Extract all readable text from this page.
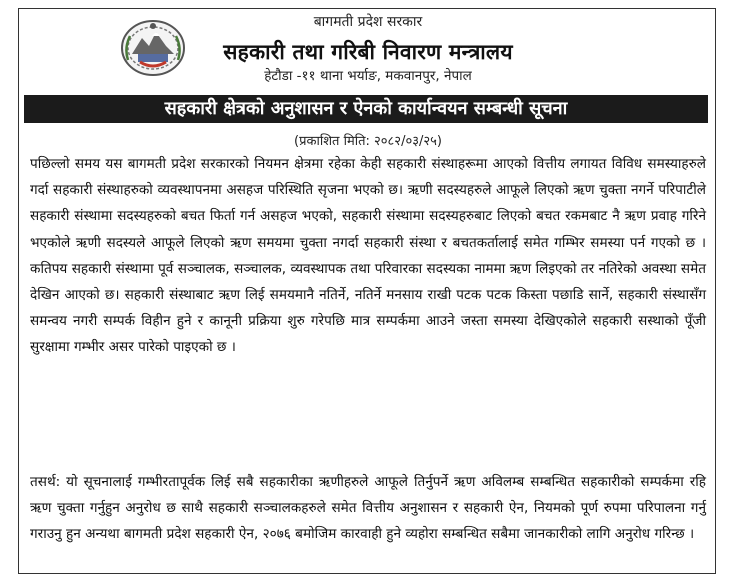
बागमती प्रदेश सरकार
सहकारी तथा गरिबी निवारण मन्त्रालय
हेटौडा -११ थाना भर्याङ, मकवानपुर, नेपाल
सहकारी क्षेत्रको अनुशासन र ऐनको कार्यान्वयन सम्बन्धी सूचना
(प्रकाशित मिति: २०८२/०३/२५)
पछिल्लो समय यस बागमती प्रदेश सरकारको नियमन क्षेत्रमा रहेका केही सहकारी संस्थाहरूमा आएको वित्तीय लगायत विविध समस्याहरुले गर्दा सहकारी संस्थाहरुको व्यवस्थापनमा असहज परिस्थिति सृजना भएको छ। ऋणी सदस्यहरुले आफूले लिएको ऋण चुक्ता नगर्ने परिपाटीले सहकारी संस्थामा सदस्यहरुको बचत फिर्ता गर्न असहज भएको, सहकारी संस्थामा सदस्यहरुबाट लिएको बचत रकमबाट नै ऋण प्रवाह गरिने भएकोले ऋणी सदस्यले आफूले लिएको ऋण समयमा चुक्ता नगर्दा सहकारी संस्था र बचतकर्तालाई समेत गम्भिर समस्या पर्न गएको छ । कतिपय सहकारी संस्थामा पूर्व सञ्चालक, सञ्चालक, व्यवस्थापक तथा परिवारका सदस्यका नाममा ऋण लिइएको तर नतिरेको अवस्था समेत देखिन आएको छ। सहकारी संस्थाबाट ऋण लिई समयमानै नतिर्ने, नतिर्ने मनसाय राखी पटक पटक किस्ता पछाडि सार्ने, सहकारी संस्थासँग समन्वय नगरी सम्पर्क विहीन हुने र कानूनी प्रक्रिया शुरु गरेपछि मात्र सम्पर्कमा आउने जस्ता समस्या देखिएकोले सहकारी सस्थाको पूँजी सुरक्षामा गम्भीर असर पारेको पाइएको छ ।
तसर्थ: यो सूचनालाई गम्भीरतापूर्वक लिई सबै सहकारीका ऋणीहरुले आफूले तिर्नुपर्ने ऋण अविलम्ब सम्बन्धित सहकारीको सम्पर्कमा रहि ऋण चुक्ता गर्नुहुन अनुरोध छ साथै सहकारी सञ्चालकहरुले समेत वित्तीय अनुशासन र सहकारी ऐन, नियमको पूर्ण रुपमा परिपालना गर्नु गराउनु हुन अन्यथा बागमती प्रदेश सहकारी ऐन, २०७६ बमोजिम कारवाही हुने व्यहोरा सम्बन्धित सबैमा जानकारीको लागि अनुरोध गरिन्छ ।
